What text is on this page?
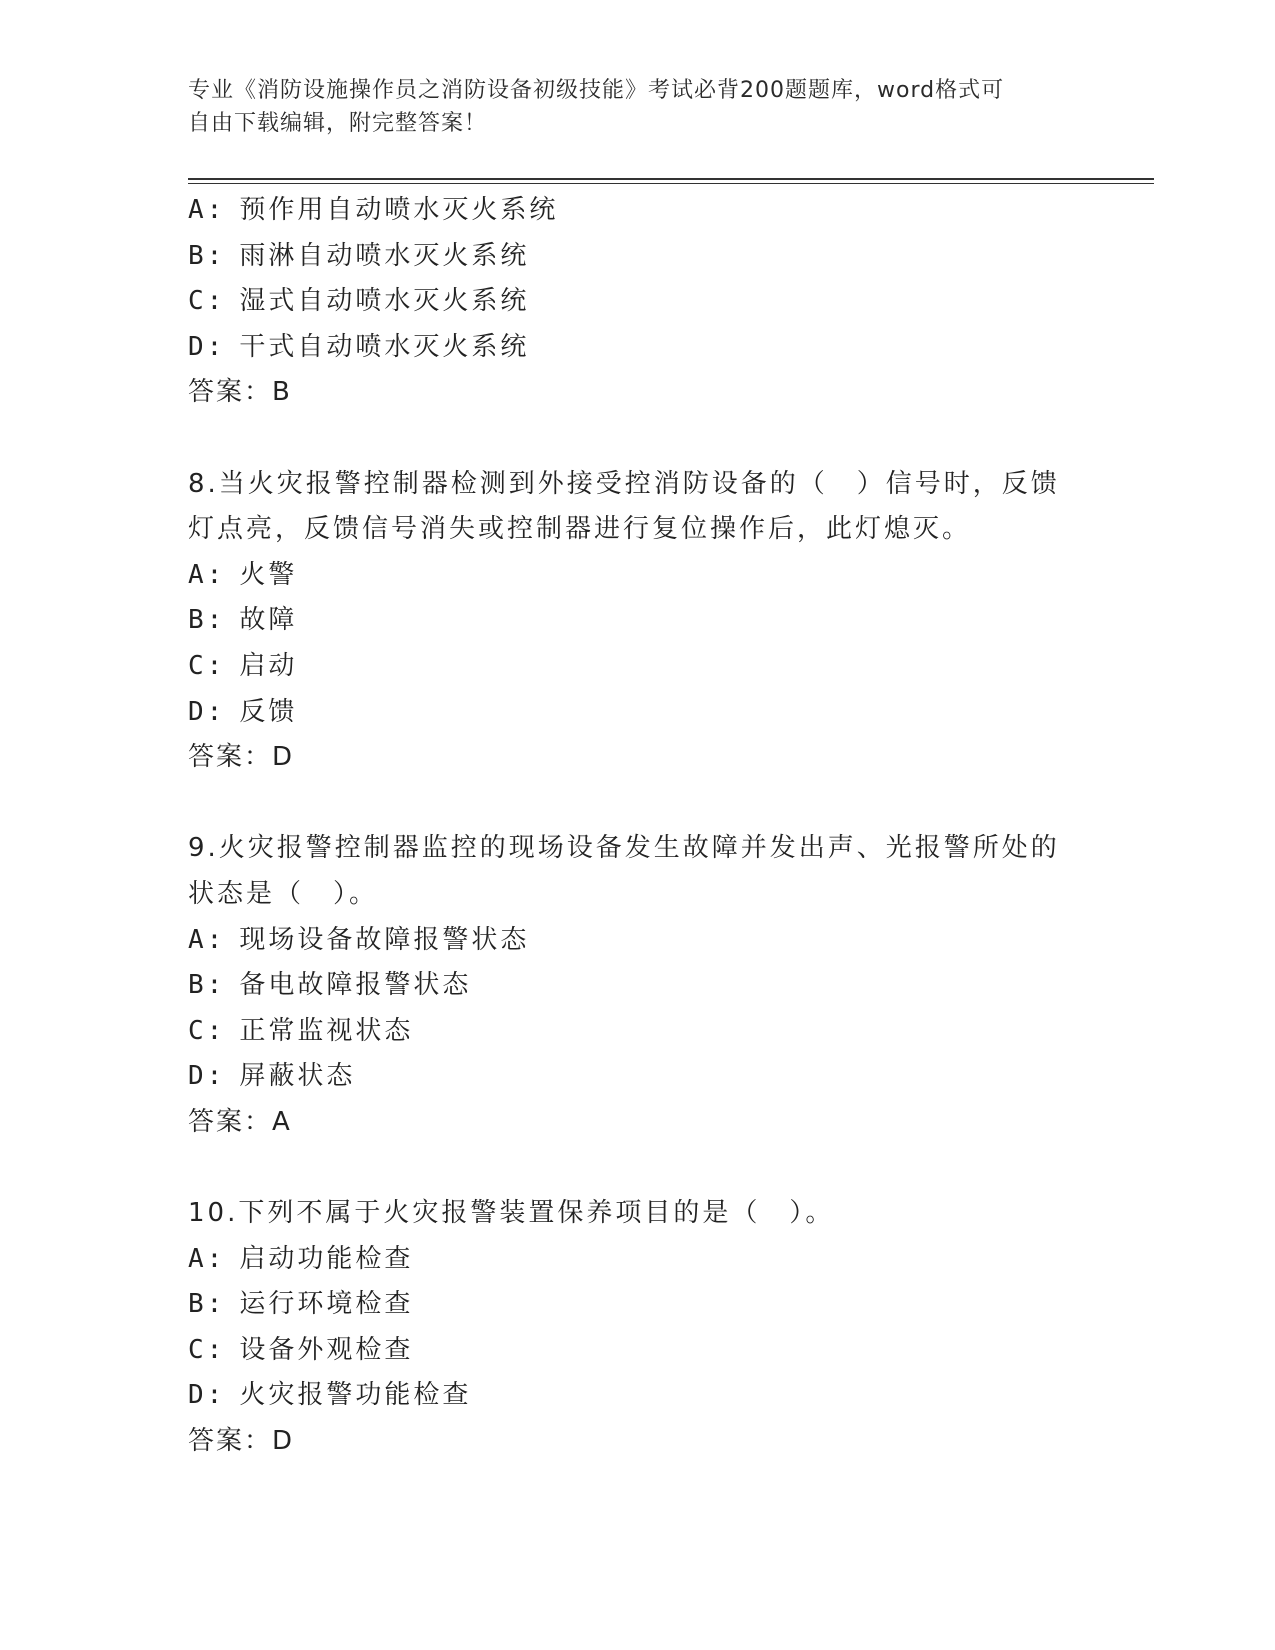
专业《消防设施操作员之消防设备初级技能》考试必背200题题库，word格式可

自由下载编辑，附完整答案！

A: 预作用自动喷水灭火系统
B: 雨淋自动喷水灭火系统
C: 湿式自动喷水灭火系统
D: 干式自动喷水灭火系统
答案：B
8.当火灾报警控制器检测到外接受控消防设备的（　）信号时，反馈
灯点亮，反馈信号消失或控制器进行复位操作后，此灯熄灭。
A: 火警
B: 故障
C: 启动
D: 反馈
答案：D
9.火灾报警控制器监控的现场设备发生故障并发出声、光报警所处的
状态是（　）。
A: 现场设备故障报警状态
B: 备电故障报警状态
C: 正常监视状态
D: 屏蔽状态
答案：A
10.下列不属于火灾报警装置保养项目的是（　）。
A: 启动功能检查
B: 运行环境检查
C: 设备外观检查
D: 火灾报警功能检查
答案：D
